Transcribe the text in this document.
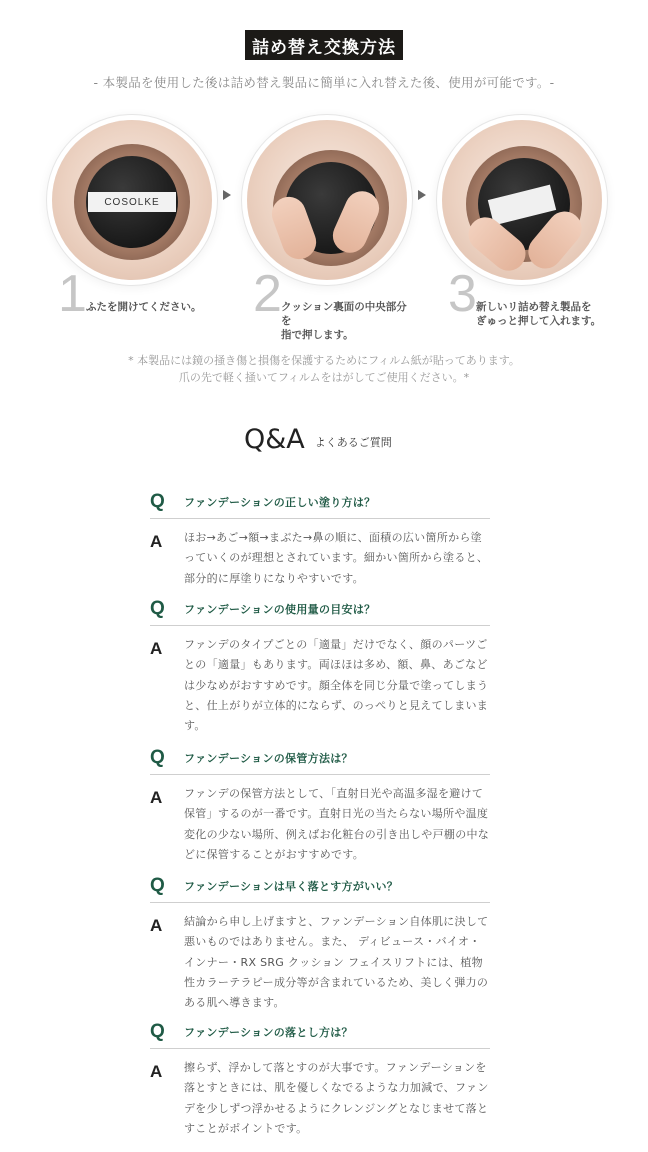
詰め替え交換方法
- 本製品を使用した後は詰め替え製品に簡単に入れ替えた後、使用が可能です。-
COSOLKE
1 ふたを開けてください。 2 クッション裏面の中央部分を
指で押します。
3 新しいリ詰め替え製品を
ぎゅっと押して入れます。
* 本製品には鏡の掻き傷と損傷を保護するためにフィルム紙が貼ってあります。
爪の先で軽く掻いてフィルムをはがしてご使用ください。*
Q&A よくあるご質問
Q	ファンデーションの正しい塗り方は？
A	ほお→あご→額→まぶた→鼻の順に、面積の広い箇所から塗っていくのが理想とされています。細かい箇所から塗ると、部分的に厚塗りになりやすいです。
Q	ファンデーションの使用量の目安は？
A	ファンデのタイプごとの「適量」だけでなく、顔のパーツごとの「適量」もあります。両ほほは多め、額、鼻、あごなどは少なめがおすすめです。顔全体を同じ分量で塗ってしまうと、仕上がりが立体的にならず、のっぺりと見えてしまいます。
Q	ファンデーションの保管方法は？
A	ファンデの保管方法として、「直射日光や高温多湿を避けて保管」するのが一番です。直射日光の当たらない場所や温度変化の少ない場所、例えばお化粧台の引き出しや戸棚の中などに保管することがおすすめです。
Q	ファンデーションは早く落とす方がいい？
A	結論から申し上げますと、ファンデーション自体肌に決して悪いものではありません。また、 ディビュース・バイオ・インナー・RX SRG クッション フェイスリフトには、植物性カラーテラピー成分等が含まれているため、美しく弾力のある肌へ導きます。
Q	ファンデーションの落とし方は？
A	擦らず、浮かして落とすのが大事です。ファンデーションを落とすときには、肌を優しくなでるような力加減で、ファンデを少しずつ浮かせるようにクレンジングとなじませて落とすことがポイントです。
